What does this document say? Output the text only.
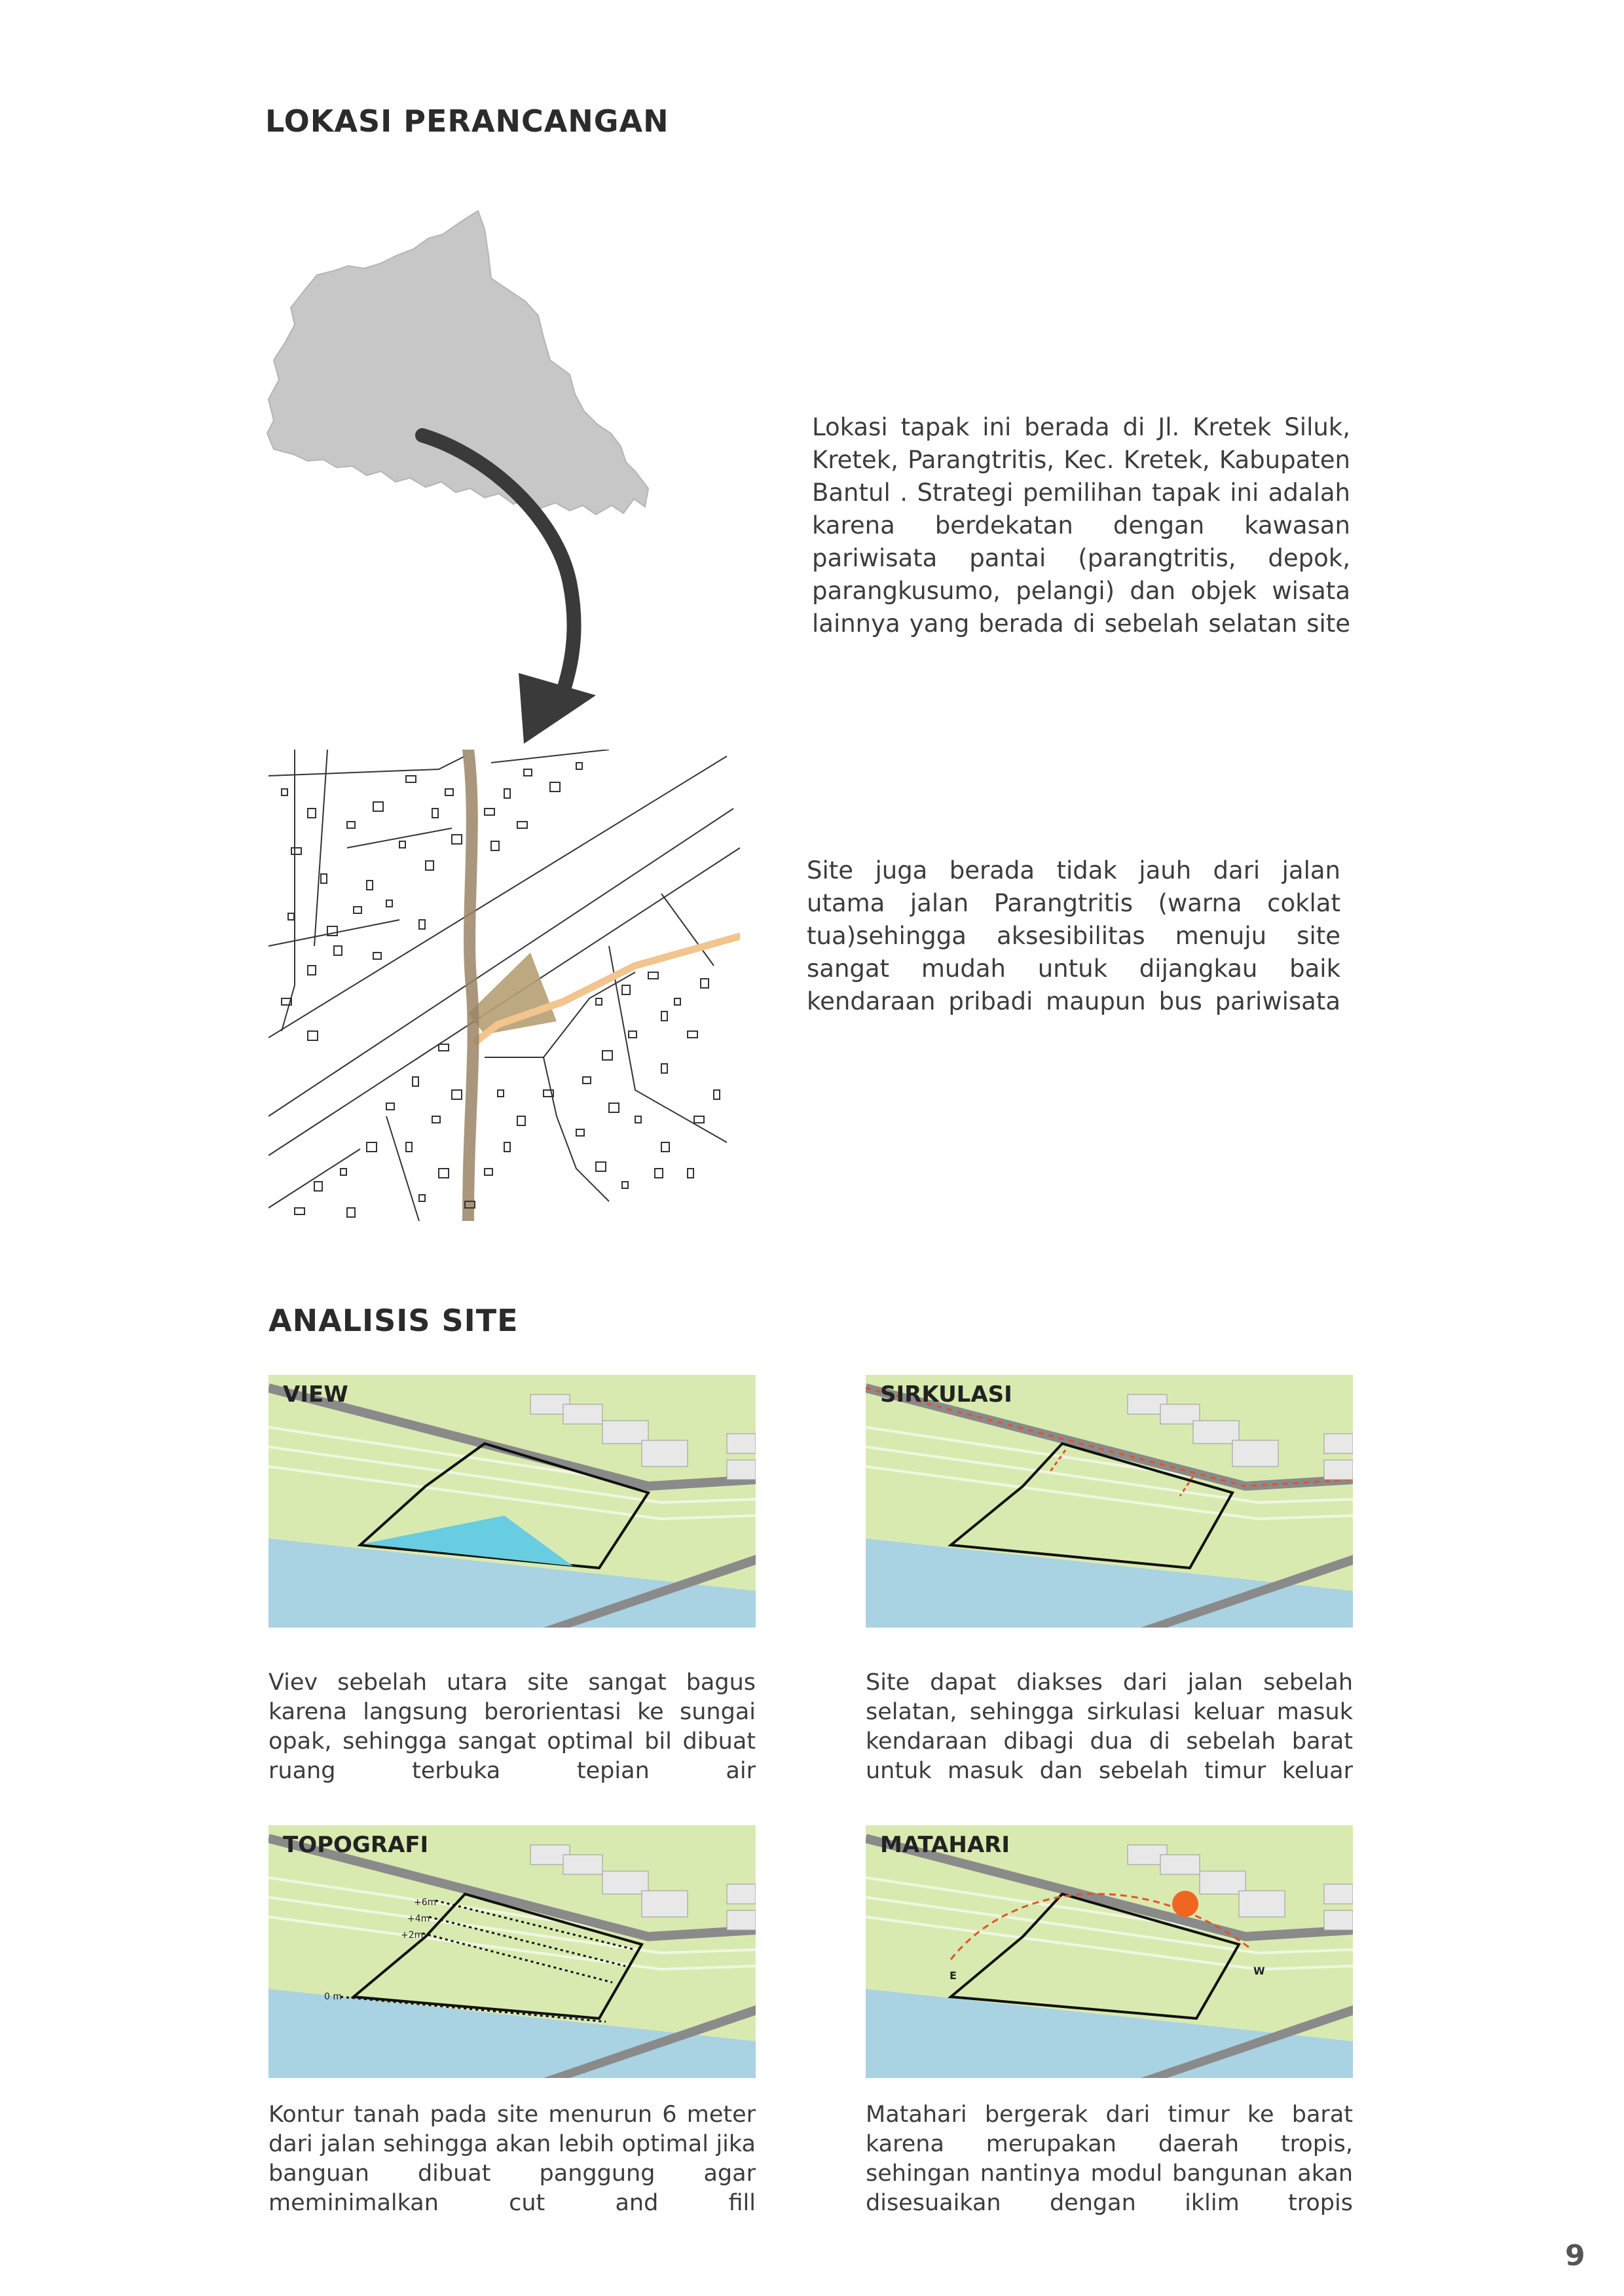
LOKASI PERANCANGAN
Lokasi tapak ini berada di Jl. Kretek Siluk, Kretek, Parangtritis, Kec. Kretek, Kabupaten Bantul . Strategi pemilihan tapak ini adalah karena berdekatan dengan kawasan pariwisata pantai (parangtritis, depok, parangkusumo, pelangi) dan objek wisata lainnya yang berada di sebelah selatan site
Site juga berada tidak jauh dari jalan utama jalan Parangtritis (warna coklat tua)sehingga aksesibilitas menuju site sangat mudah untuk dijangkau baik kendaraan pribadi maupun bus pariwisata
ANALISIS SITE
VIEW	SIRKULASI
Viev sebelah utara site sangat bagus karena langsung berorientasi ke sungai opak, sehingga sangat optimal bil dibuat ruang terbuka tepian air
Site dapat diakses dari jalan sebelah selatan, sehingga sirkulasi keluar masuk kendaraan dibagi dua di sebelah barat untuk masuk dan sebelah timur keluar
+6m
+4m
+2m
0 m
TOPOGRAFI
E	W
MATAHARI
Kontur tanah pada site menurun 6 meter dari jalan sehingga akan lebih optimal jika banguan dibuat panggung agar meminimalkan cut and fill
Matahari bergerak dari timur ke barat karena merupakan daerah tropis, sehingan nantinya modul bangunan akan disesuaikan dengan iklim tropis
9
